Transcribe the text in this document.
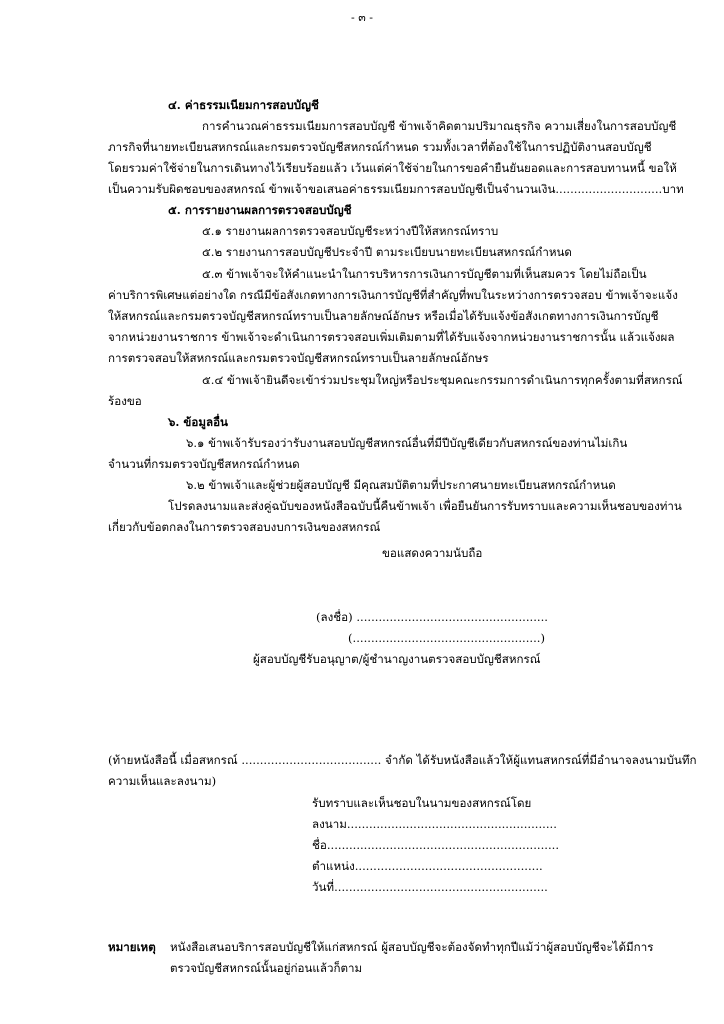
- ๓ -
๔. ค่าธรรมเนียมการสอบบัญชี
การคำนวณค่าธรรมเนียมการสอบบัญชี ข้าพเจ้าคิดตามปริมาณธุรกิจ ความเสี่ยงในการสอบบัญชี
ภารกิจที่นายทะเบียนสหกรณ์และกรมตรวจบัญชีสหกรณ์กำหนด รวมทั้งเวลาที่ต้องใช้ในการปฏิบัติงานสอบบัญชี
โดยรวมค่าใช้จ่ายในการเดินทางไว้เรียบร้อยแล้ว เว้นแต่ค่าใช้จ่ายในการขอคำยืนยันยอดและการสอบทานหนี้ ขอให้
เป็นความรับผิดชอบของสหกรณ์ ข้าพเจ้าขอเสนอค่าธรรมเนียมการสอบบัญชีเป็นจำนวนเงิน.............................บาท
๕. การรายงานผลการตรวจสอบบัญชี
๕.๑ รายงานผลการตรวจสอบบัญชีระหว่างปีให้สหกรณ์ทราบ
๕.๒ รายงานการสอบบัญชีประจำปี ตามระเบียบนายทะเบียนสหกรณ์กำหนด
๕.๓ ข้าพเจ้าจะให้คำแนะนำในการบริหารการเงินการบัญชีตามที่เห็นสมควร โดยไม่ถือเป็น
ค่าบริการพิเศษแต่อย่างใด กรณีมีข้อสังเกตทางการเงินการบัญชีที่สำคัญที่พบในระหว่างการตรวจสอบ ข้าพเจ้าจะแจ้ง
ให้สหกรณ์และกรมตรวจบัญชีสหกรณ์ทราบเป็นลายลักษณ์อักษร หรือเมื่อได้รับแจ้งข้อสังเกตทางการเงินการบัญชี
จากหน่วยงานราชการ ข้าพเจ้าจะดำเนินการตรวจสอบเพิ่มเติมตามที่ได้รับแจ้งจากหน่วยงานราชการนั้น แล้วแจ้งผล
การตรวจสอบให้สหกรณ์และกรมตรวจบัญชีสหกรณ์ทราบเป็นลายลักษณ์อักษร
๕.๔ ข้าพเจ้ายินดีจะเข้าร่วมประชุมใหญ่หรือประชุมคณะกรรมการดำเนินการทุกครั้งตามที่สหกรณ์
ร้องขอ
๖. ข้อมูลอื่น
๖.๑ ข้าพเจ้ารับรองว่ารับงานสอบบัญชีสหกรณ์อื่นที่มีปีบัญชีเดียวกับสหกรณ์ของท่านไม่เกิน
จำนวนที่กรมตรวจบัญชีสหกรณ์กำหนด
๖.๒ ข้าพเจ้าและผู้ช่วยผู้สอบบัญชี มีคุณสมบัติตามที่ประกาศนายทะเบียนสหกรณ์กำหนด
โปรดลงนามและส่งคู่ฉบับของหนังสือฉบับนี้คืนข้าพเจ้า เพื่อยืนยันการรับทราบและความเห็นชอบของท่าน
เกี่ยวกับข้อตกลงในการตรวจสอบงบการเงินของสหกรณ์
ขอแสดงความนับถือ
(ลงชื่อ) ....................................................
(...................................................)
ผู้สอบบัญชีรับอนุญาต/ผู้ชำนาญงานตรวจสอบบัญชีสหกรณ์
(ท้ายหนังสือนี้ เมื่อสหกรณ์ ...................................... จำกัด ได้รับหนังสือแล้วให้ผู้แทนสหกรณ์ที่มีอำนาจลงนามบันทึก
ความเห็นและลงนาม)
รับทราบและเห็นชอบในนามของสหกรณ์โดย
ลงนาม.........................................................
ชื่อ...............................................................
ตำแหน่ง...................................................
วันที่..........................................................
หมายเหตุ หนังสือเสนอบริการสอบบัญชีให้แก่สหกรณ์ ผู้สอบบัญชีจะต้องจัดทำทุกปีแม้ว่าผู้สอบบัญชีจะได้มีการ
ตรวจบัญชีสหกรณ์นั้นอยู่ก่อนแล้วก็ตาม
